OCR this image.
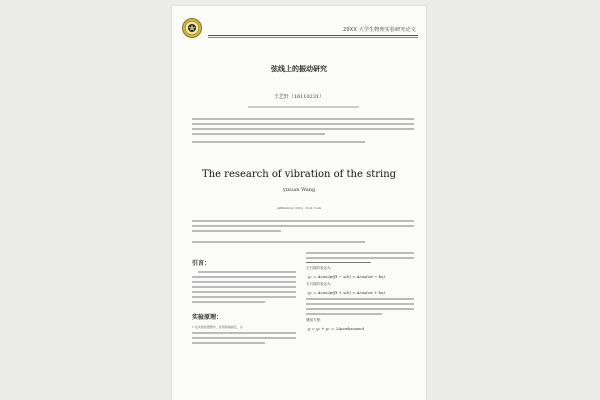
20XX 大学生物理实验研究论文
弦线上的振动研究
王艺轩（16110231）
The research of vibration of the string
yixuan Wang
(Affiliation) (City) · Post Code
引言：
实验原理：
1.在实验装置图中，弦线两端固定，以
左行波的表达为：
y₁ = Acos2π(ft − x/λ) = Acos(ωt − kx)
右行波的表达为：
y₂ = Acos2π(ft + x/λ) = Acos(ωt + kx)
叠加方程：
y = y₁ + y₂ = 2Acoskxcosωt
